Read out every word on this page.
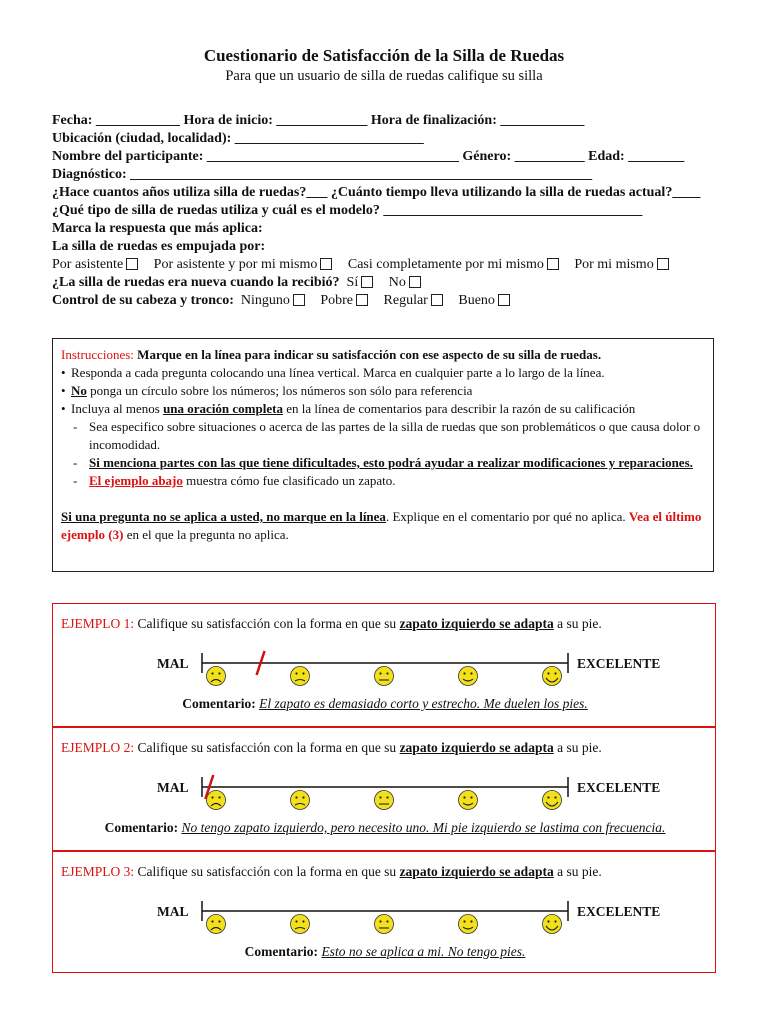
Cuestionario de Satisfacción de la Silla de Ruedas
Para que un usuario de silla de ruedas califique su silla
Fecha: ____________ Hora de inicio: _____________ Hora de finalización: ____________
Ubicación (ciudad, localidad): ___________________________
Nombre del participante: ____________________________________ Género: __________ Edad: ________
Diagnóstico: __________________________________________________________________
¿Hace cuantos años utiliza silla de ruedas?___ ¿Cuánto tiempo lleva utilizando la silla de ruedas actual?____
¿Qué tipo de silla de ruedas utiliza y cuál es el modelo? _____________________________________
Marca la respuesta que más aplica:
La silla de ruedas es empujada por:
Por asistente Por asistente y por mi mismo Casi completamente por mi mismo Por mi mismo
¿La silla de ruedas era nueva cuando la recibió? Sí No
Control de su cabeza y tronco: Ninguno Pobre Regular Bueno
Instrucciones: Marque en la línea para indicar su satisfacción con ese aspecto de su silla de ruedas.
• Responda a cada pregunta colocando una línea vertical. Marca en cualquier parte a lo largo de la línea.
• No ponga un círculo sobre los números; los números son sólo para referencia
• Incluya al menos una oración completa en la línea de comentarios para describir la razón de su calificación
- Sea especifico sobre situaciones o acerca de las partes de la silla de ruedas que son problemáticos o que causa dolor o incomodidad.
- Si menciona partes con las que tiene dificultades, esto podrá ayudar a realizar modificaciones y reparaciones.
- El ejemplo abajo muestra cómo fue clasificado un zapato.
Si una pregunta no se aplica a usted, no marque en la línea. Explique en el comentario por qué no aplica. Vea el último ejemplo (3) en el que la pregunta no aplica.
EJEMPLO 1: Califique su satisfacción con la forma en que su zapato izquierdo se adapta a su pie.
MAL	EXCELENTE
Comentario: El zapato es demasiado corto y estrecho. Me duelen los pies.
EJEMPLO 2: Califique su satisfacción con la forma en que su zapato izquierdo se adapta a su pie.
MAL	EXCELENTE
Comentario: No tengo zapato izquierdo, pero necesito uno. Mi pie izquierdo se lastima con frecuencia.
EJEMPLO 3: Califique su satisfacción con la forma en que su zapato izquierdo se adapta a su pie.
MAL	EXCELENTE
Comentario: Esto no se aplica a mi. No tengo pies.
